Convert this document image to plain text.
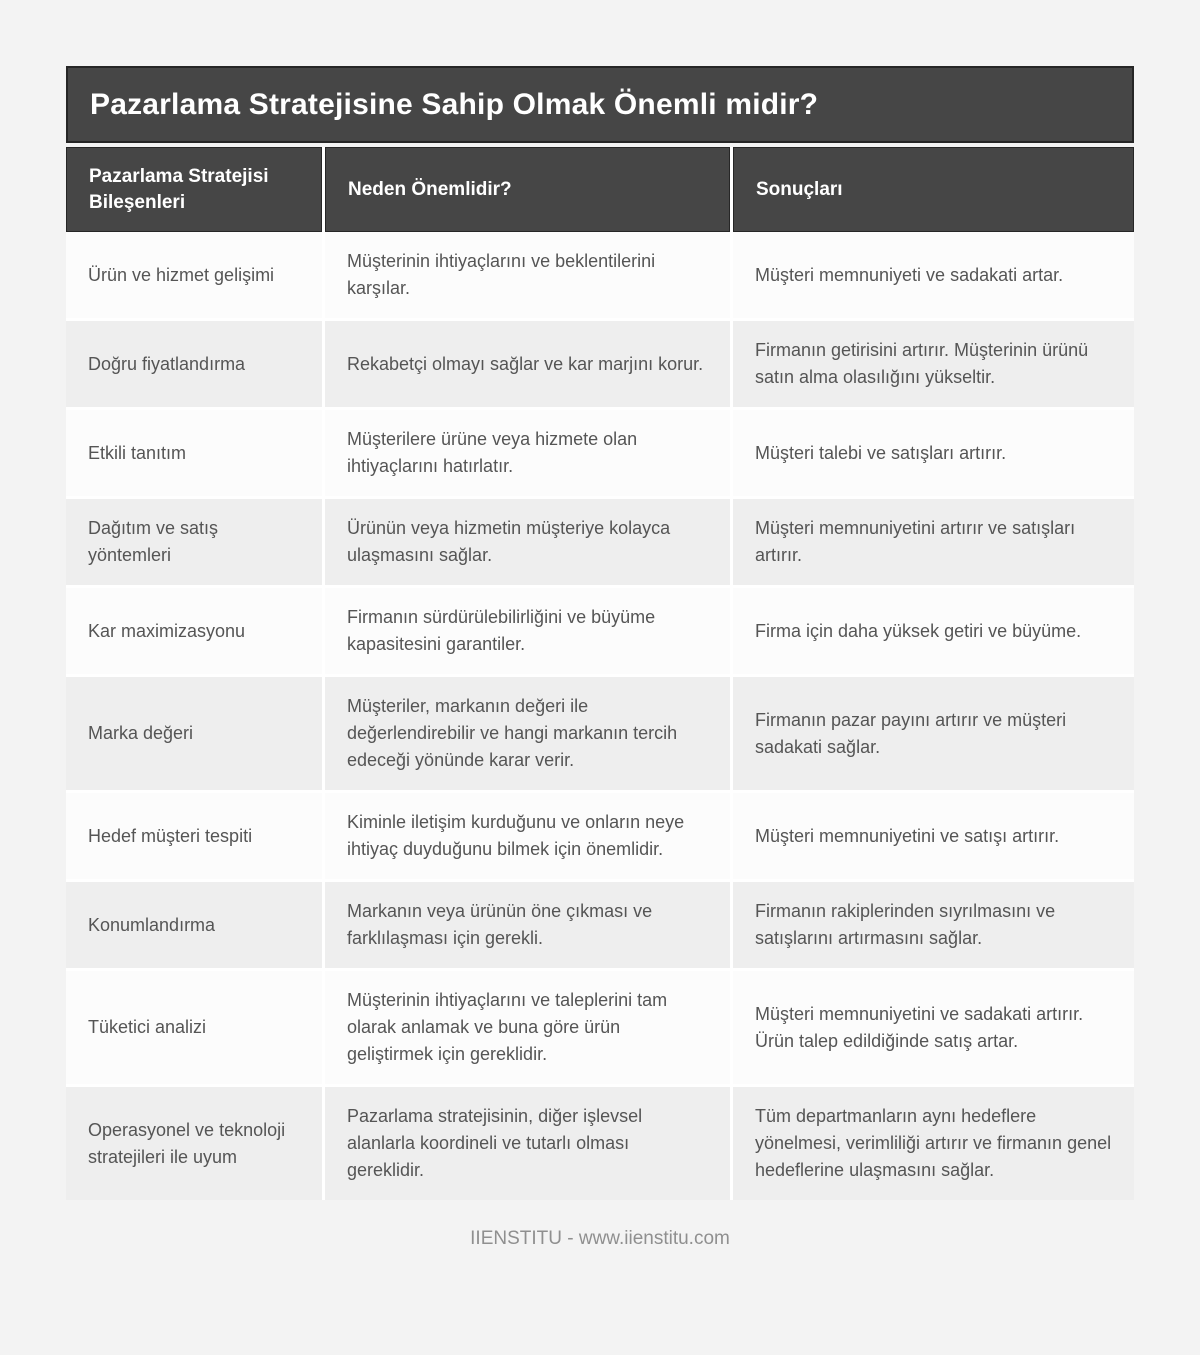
Pazarlama Stratejisine Sahip Olmak Önemli midir?
Pazarlama Stratejisi Bileşenleri
Neden Önemlidir?	Sonuçları
Ürün ve hizmet gelişimi
Müşterinin ihtiyaçlarını ve beklentilerini karşılar.
Müşteri memnuniyeti ve sadakati artar.
Doğru fiyatlandırma	Rekabetçi olmayı sağlar ve kar marjını korur.
Firmanın getirisini artırır. Müşterinin ürünü satın alma olasılığını yükseltir.
Etkili tanıtım
Müşterilere ürüne veya hizmete olan ihtiyaçlarını hatırlatır.
Müşteri talebi ve satışları artırır.
Dağıtım ve satış yöntemleri
Ürünün veya hizmetin müşteriye kolayca ulaşmasını sağlar.
Müşteri memnuniyetini artırır ve satışları artırır.
Kar maximizasyonu
Firmanın sürdürülebilirliğini ve büyüme kapasitesini garantiler.
Firma için daha yüksek getiri ve büyüme.
Marka değeri
Müşteriler, markanın değeri ile değerlendirebilir ve hangi markanın tercih edeceği yönünde karar verir.
Firmanın pazar payını artırır ve müşteri sadakati sağlar.
Hedef müşteri tespiti
Kiminle iletişim kurduğunu ve onların neye ihtiyaç duyduğunu bilmek için önemlidir.
Müşteri memnuniyetini ve satışı artırır.
Konumlandırma
Markanın veya ürünün öne çıkması ve farklılaşması için gerekli.
Firmanın rakiplerinden sıyrılmasını ve satışlarını artırmasını sağlar.
Tüketici analizi
Müşterinin ihtiyaçlarını ve taleplerini tam olarak anlamak ve buna göre ürün geliştirmek için gereklidir.
Müşteri memnuniyetini ve sadakati artırır. Ürün talep edildiğinde satış artar.
Operasyonel ve teknoloji stratejileri ile uyum
Pazarlama stratejisinin, diğer işlevsel alanlarla koordineli ve tutarlı olması gereklidir.
Tüm departmanların aynı hedeflere yönelmesi, verimliliği artırır ve firmanın genel hedeflerine ulaşmasını sağlar.
IIENSTITU - www.iienstitu.com
